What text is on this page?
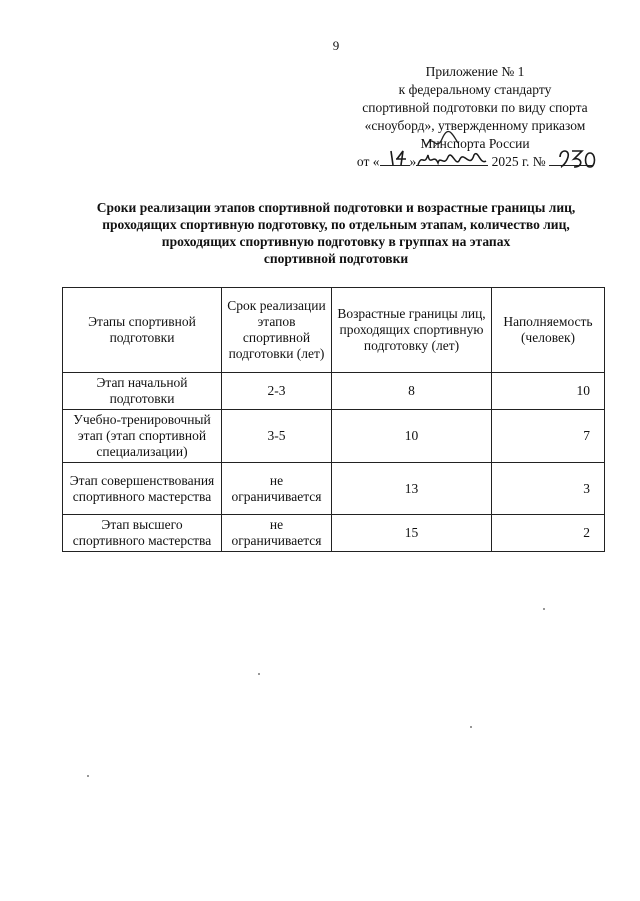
9
Приложение № 1
к федеральному стандарту
спортивной подготовки по виду спорта
«сноуборд», утвержденному приказом
Минспорта России
от « »	2025 г. №
Сроки реализации этапов спортивной подготовки и возрастные границы лиц,
проходящих спортивную подготовку, по отдельным этапам, количество лиц,
проходящих спортивную подготовку в группах на этапах
спортивной подготовки
Этапы спортивной подготовки	Срок реализации этапов спортивной подготовки (лет)	Возрастные границы лиц, проходящих спортивную подготовку (лет)	Наполняемость (человек)
Этап начальной подготовки	2-3	8	10
Учебно-тренировочный этап (этап спортивной специализации)	3-5	10	7
Этап совершенствования спортивного мастерства	не ограничивается	13	3
Этап высшего спортивного мастерства	не ограничивается	15	2
